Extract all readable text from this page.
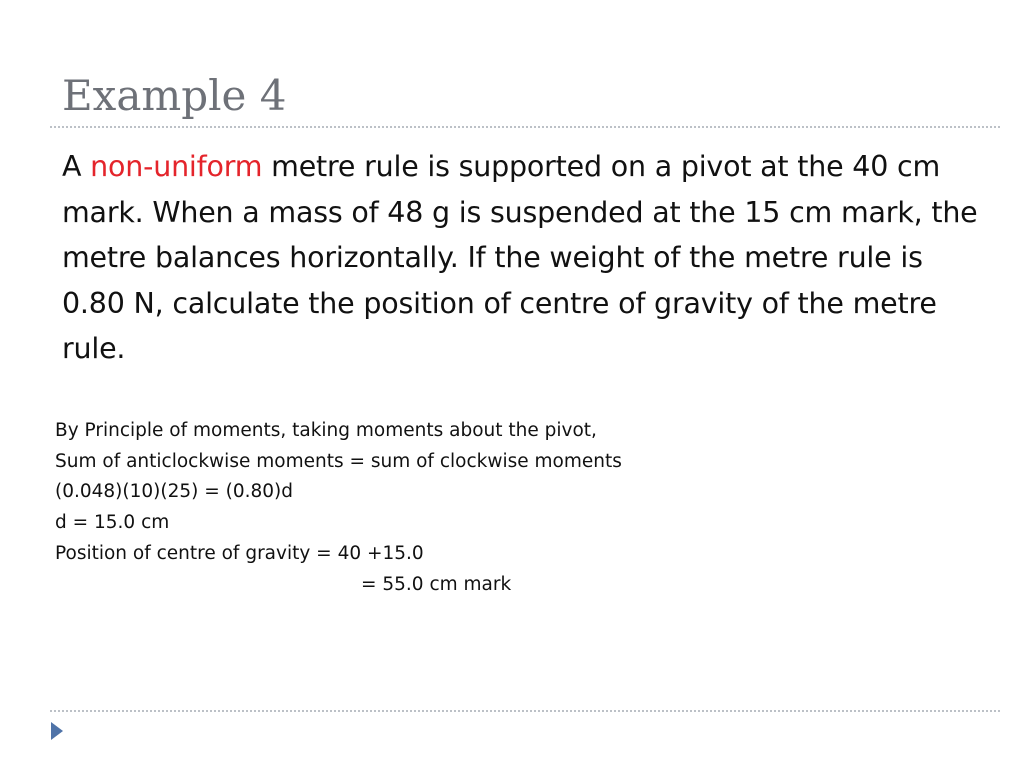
Example 4
A non-uniform metre rule is supported on a pivot at the 40 cm mark. When a mass of 48 g is suspended at the 15 cm mark, the metre balances horizontally. If the weight of the metre rule is 0.80 N, calculate the position of centre of gravity of the metre rule.
By Principle of moments, taking moments about the pivot,
Sum of anticlockwise moments = sum of clockwise moments
(0.048)(10)(25) = (0.80)d
d = 15.0 cm
Position of centre of gravity = 40 +15.0
= 55.0 cm mark
